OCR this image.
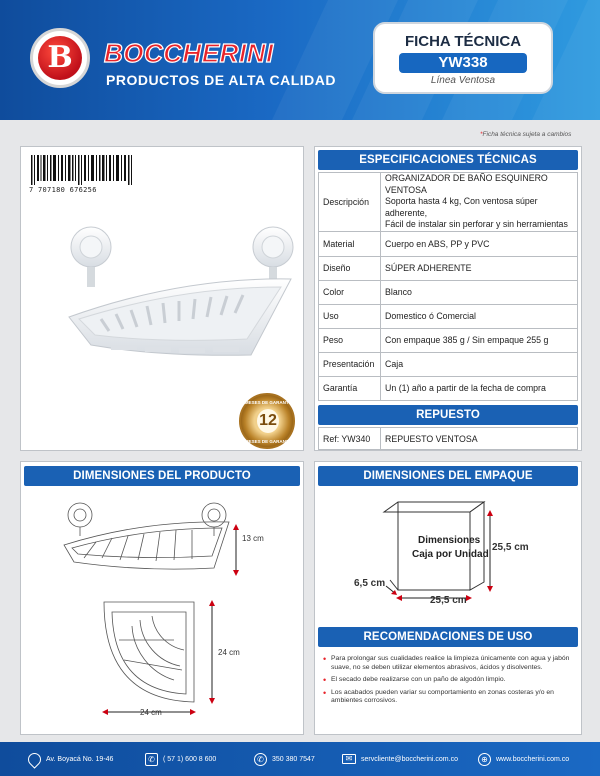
B	BOCCHERINI
PRODUCTOS DE ALTA CALIDAD
FICHA TÉCNICA
YW338
Línea Ventosa
*Ficha técnica sujeta a cambios
7 707180 676256
MESES DE GARANTÍA
12
MESES DE GARANTÍA
ESPECIFICACIONES TÉCNICAS
Descripción	ORGANIZADOR DE BAÑO ESQUINERO VENTOSA
Soporta hasta 4 kg, Con ventosa súper adherente,
Fácil de instalar sin perforar y sin herramientas

Material	Cuerpo en ABS, PP y PVC
Diseño	SÚPER ADHERENTE
Color	Blanco
Uso	Domestico ó Comercial
Peso	Con empaque 385 g / Sin empaque 255 g
Presentación	Caja
Garantía	Un (1) año a partir de la fecha de compra
REPUESTO
Ref: YW340	REPUESTO VENTOSA
DIMENSIONES DEL PRODUCTO
13 cm
24 cm
24 cm
DIMENSIONES DEL EMPAQUE
Dimensiones
Caja por Unidad
25,5 cm
6,5 cm
25,5 cm
RECOMENDACIONES DE USO
• Para prolongar sus cualidades realice la limpieza únicamente con agua y jabón suave, no se deben utilizar elementos abrasivos, ácidos y disolventes.
• El secado debe realizarse con un paño de algodón limpio.
• Los acabados pueden variar su comportamiento en zonas costeras y/o en ambientes corrosivos.
Av. Boyacá No. 19-46	✆	( 57 1) 600 8 600	✆	350 380 7547	✉	servcliente@boccherini.com.co	⊕	www.boccherini.com.co
